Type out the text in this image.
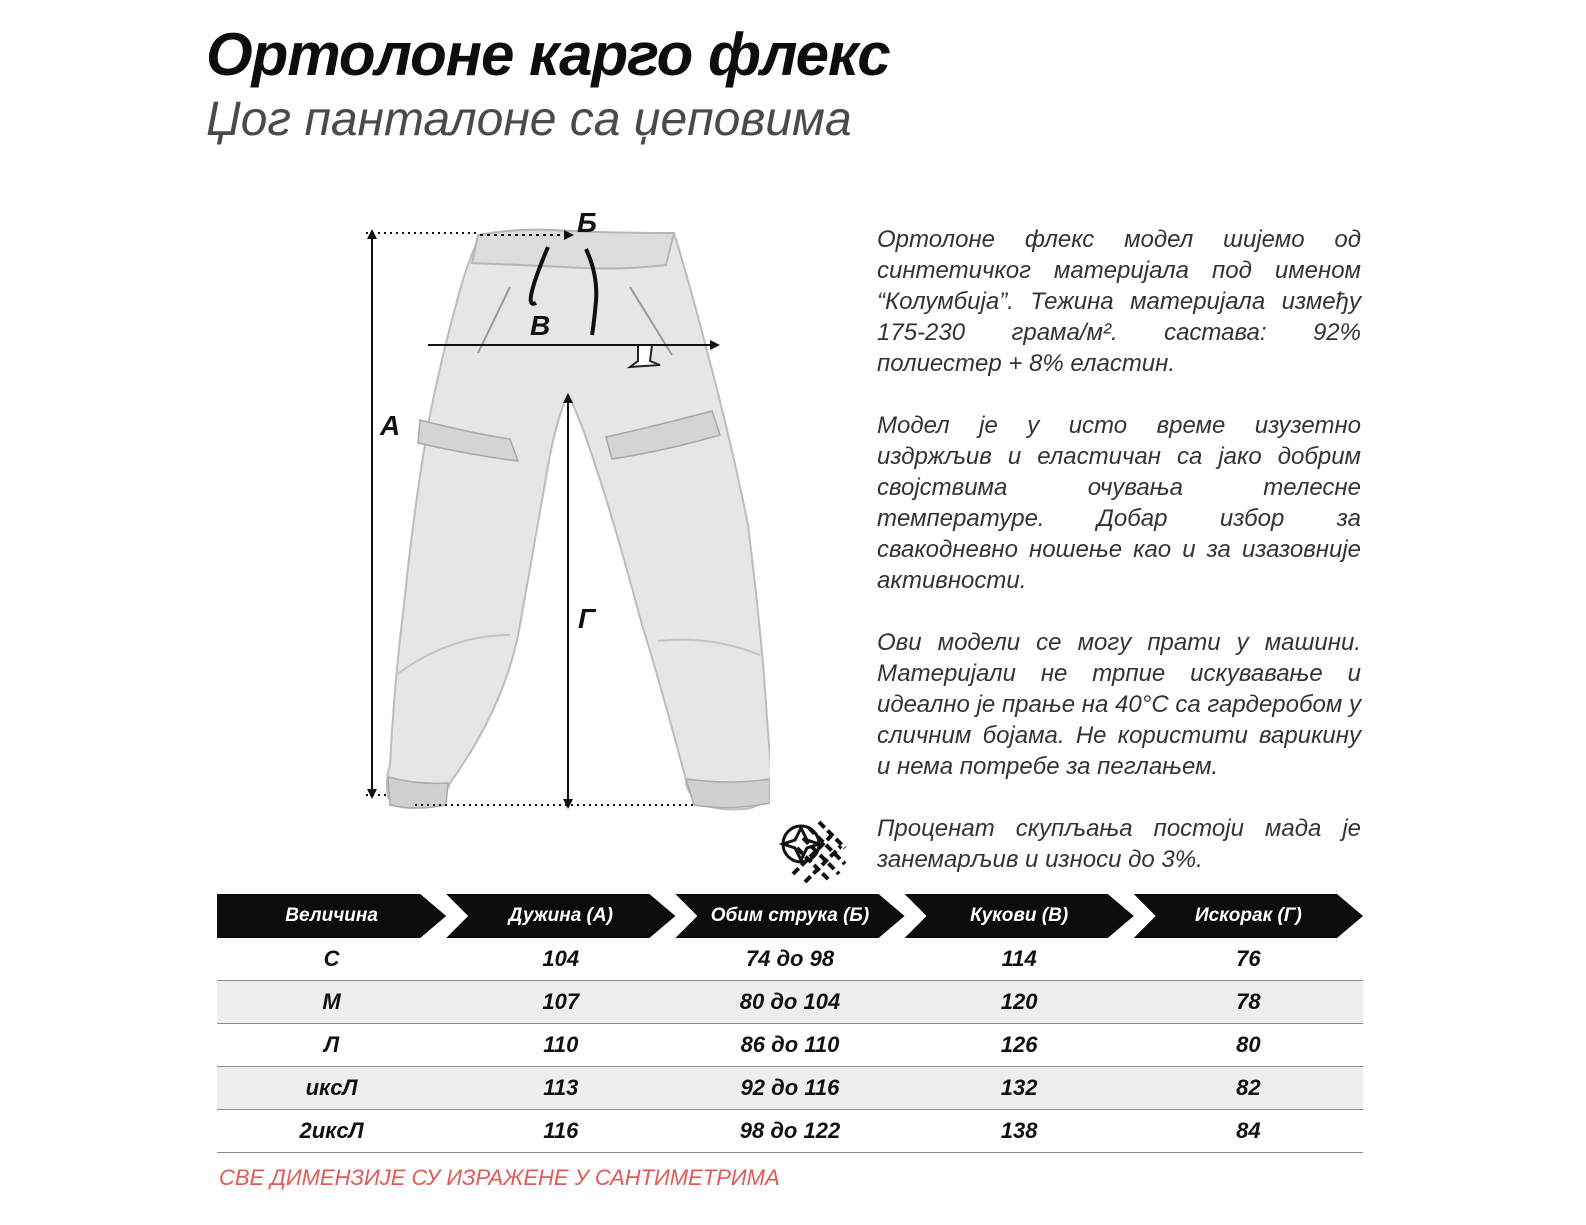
Ортолоне карго флекс
Џог панталоне са џеповима
А
Б
В
Г

Ортолоне флекс модел шијемо од синтетичког материјала под именом “Колумбија”. Тежина материјала између 175-230 грама/м². састава: 92% полиестер + 8% еластин.

Модел је у исто време изузетно издржљив и еластичан са јако добрим својствима очувања телесне температуре. Добар избор за свакодневно ношење као и за изазовније активности.

Ови модели се могу прати у машини. Материјали не трпие искувавање и идеално је прање на 40°C са гардеробом у сличним бојама. Не користити варикину и нема потребе за пеглањем.

Проценат скупљања постоји мада је занемарљив и износи до 3%.

Величина	Дужина (А)	Обим струка (Б)	Кукови (В)	Искорак (Г)

С	104	74 до 98	114	76
М	107	80 до 104	120	78
Л	110	86 до 110	126	80
иксЛ	113	92 до 116	132	82
2иксЛ	116	98 до 122	138	84
СВЕ ДИМЕНЗИЈЕ СУ ИЗРАЖЕНЕ У САНТИМЕТРИМА
